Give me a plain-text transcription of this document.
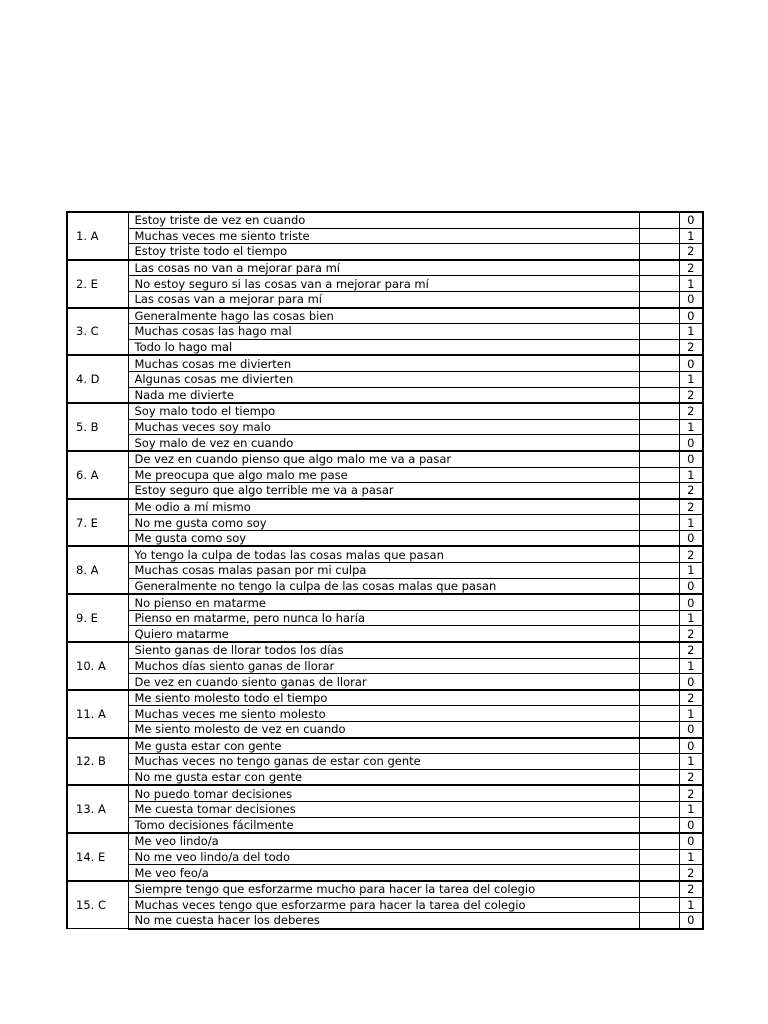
1. A	Estoy triste de vez en cuando		0
	Muchas veces me siento triste		1
	Estoy triste todo el tiempo		2
2. E	Las cosas no van a mejorar para mí		2
	No estoy seguro si las cosas van a mejorar para mí		1
	Las cosas van a mejorar para mí		0
3. C	Generalmente hago las cosas bien		0
	Muchas cosas las hago mal		1
	Todo lo hago mal		2
4. D	Muchas cosas me divierten		0
	Algunas cosas me divierten		1
	Nada me divierte		2
5. B	Soy malo todo el tiempo		2
	Muchas veces soy malo		1
	Soy malo de vez en cuando		0
6. A	De vez en cuando pienso que algo malo me va a pasar		0
	Me preocupa que algo malo me pase		1
	Estoy seguro que algo terrible me va a pasar		2
7. E	Me odio a mí mismo		2
	No me gusta como soy		1
	Me gusta como soy		0
8. A	Yo tengo la culpa de todas las cosas malas que pasan		2
	Muchas cosas malas pasan por mi culpa		1
	Generalmente no tengo la culpa de las cosas malas que pasan		0
9. E	No pienso en matarme		0
	Pienso en matarme, pero nunca lo haría		1
	Quiero matarme		2
10. A	Siento ganas de llorar todos los días		2
	Muchos días siento ganas de llorar		1
	De vez en cuando siento ganas de llorar		0
11. A	Me siento molesto todo el tiempo		2
	Muchas veces me siento molesto		1
	Me siento molesto de vez en cuando		0
12. B	Me gusta estar con gente		0
	Muchas veces no tengo ganas de estar con gente		1
	No me gusta estar con gente		2
13. A	No puedo tomar decisiones		2
	Me cuesta tomar decisiones		1
	Tomo decisiones fácilmente		0
14. E	Me veo lindo/a		0
	No me veo lindo/a del todo		1
	Me veo feo/a		2
15. C	Siempre tengo que esforzarme mucho para hacer la tarea del colegio		2
	Muchas veces tengo que esforzarme para hacer la tarea del colegio		1
	No me cuesta hacer los deberes		0
